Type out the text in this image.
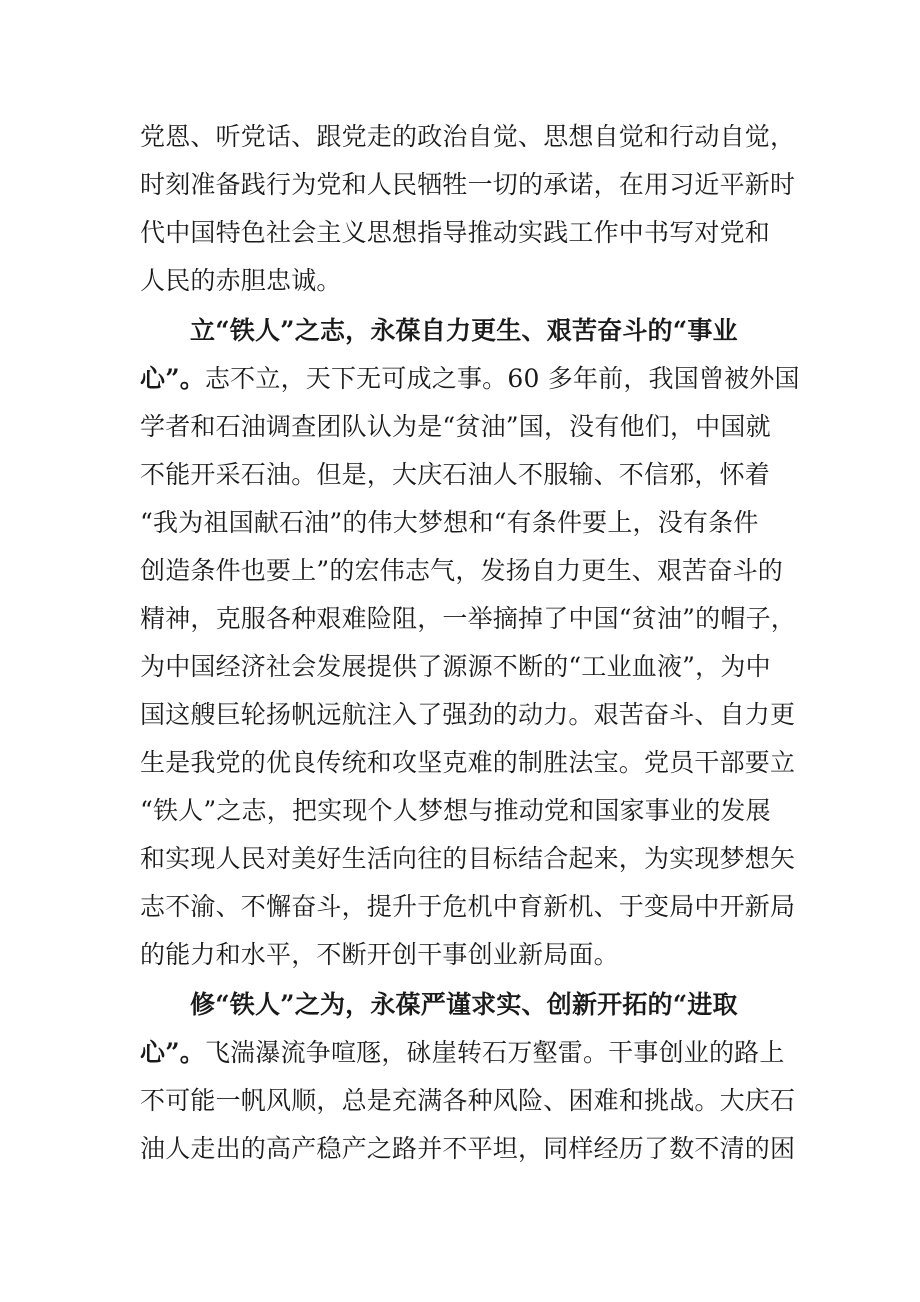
党恩、听党话、跟党走的政治自觉、思想自觉和行动自觉，
时刻准备践行为党和人民牺牲一切的承诺，在用习近平新时
代中国特色社会主义思想指导推动实践工作中书写对党和
人民的赤胆忠诚。
立“铁人”之志，永葆自力更生、艰苦奋斗的“事业
心”。志不立，天下无可成之事。60 多年前，我国曾被外国
学者和石油调查团队认为是“贫油”国，没有他们，中国就
不能开采石油。但是，大庆石油人不服输、不信邪，怀着
“我为祖国献石油”的伟大梦想和“有条件要上，没有条件
创造条件也要上”的宏伟志气，发扬自力更生、艰苦奋斗的
精神，克服各种艰难险阻，一举摘掉了中国“贫油”的帽子，
为中国经济社会发展提供了源源不断的“工业血液”，为中
国这艘巨轮扬帆远航注入了强劲的动力。艰苦奋斗、自力更
生是我党的优良传统和攻坚克难的制胜法宝。党员干部要立
“铁人”之志，把实现个人梦想与推动党和国家事业的发展
和实现人民对美好生活向往的目标结合起来，为实现梦想矢
志不渝、不懈奋斗，提升于危机中育新机、于变局中开新局
的能力和水平，不断开创干事创业新局面。
修“铁人”之为，永葆严谨求实、创新开拓的“进取
心”。飞湍瀑流争喧豗，砯崖转石万壑雷。干事创业的路上
不可能一帆风顺，总是充满各种风险、困难和挑战。大庆石
油人走出的高产稳产之路并不平坦，同样经历了数不清的困
